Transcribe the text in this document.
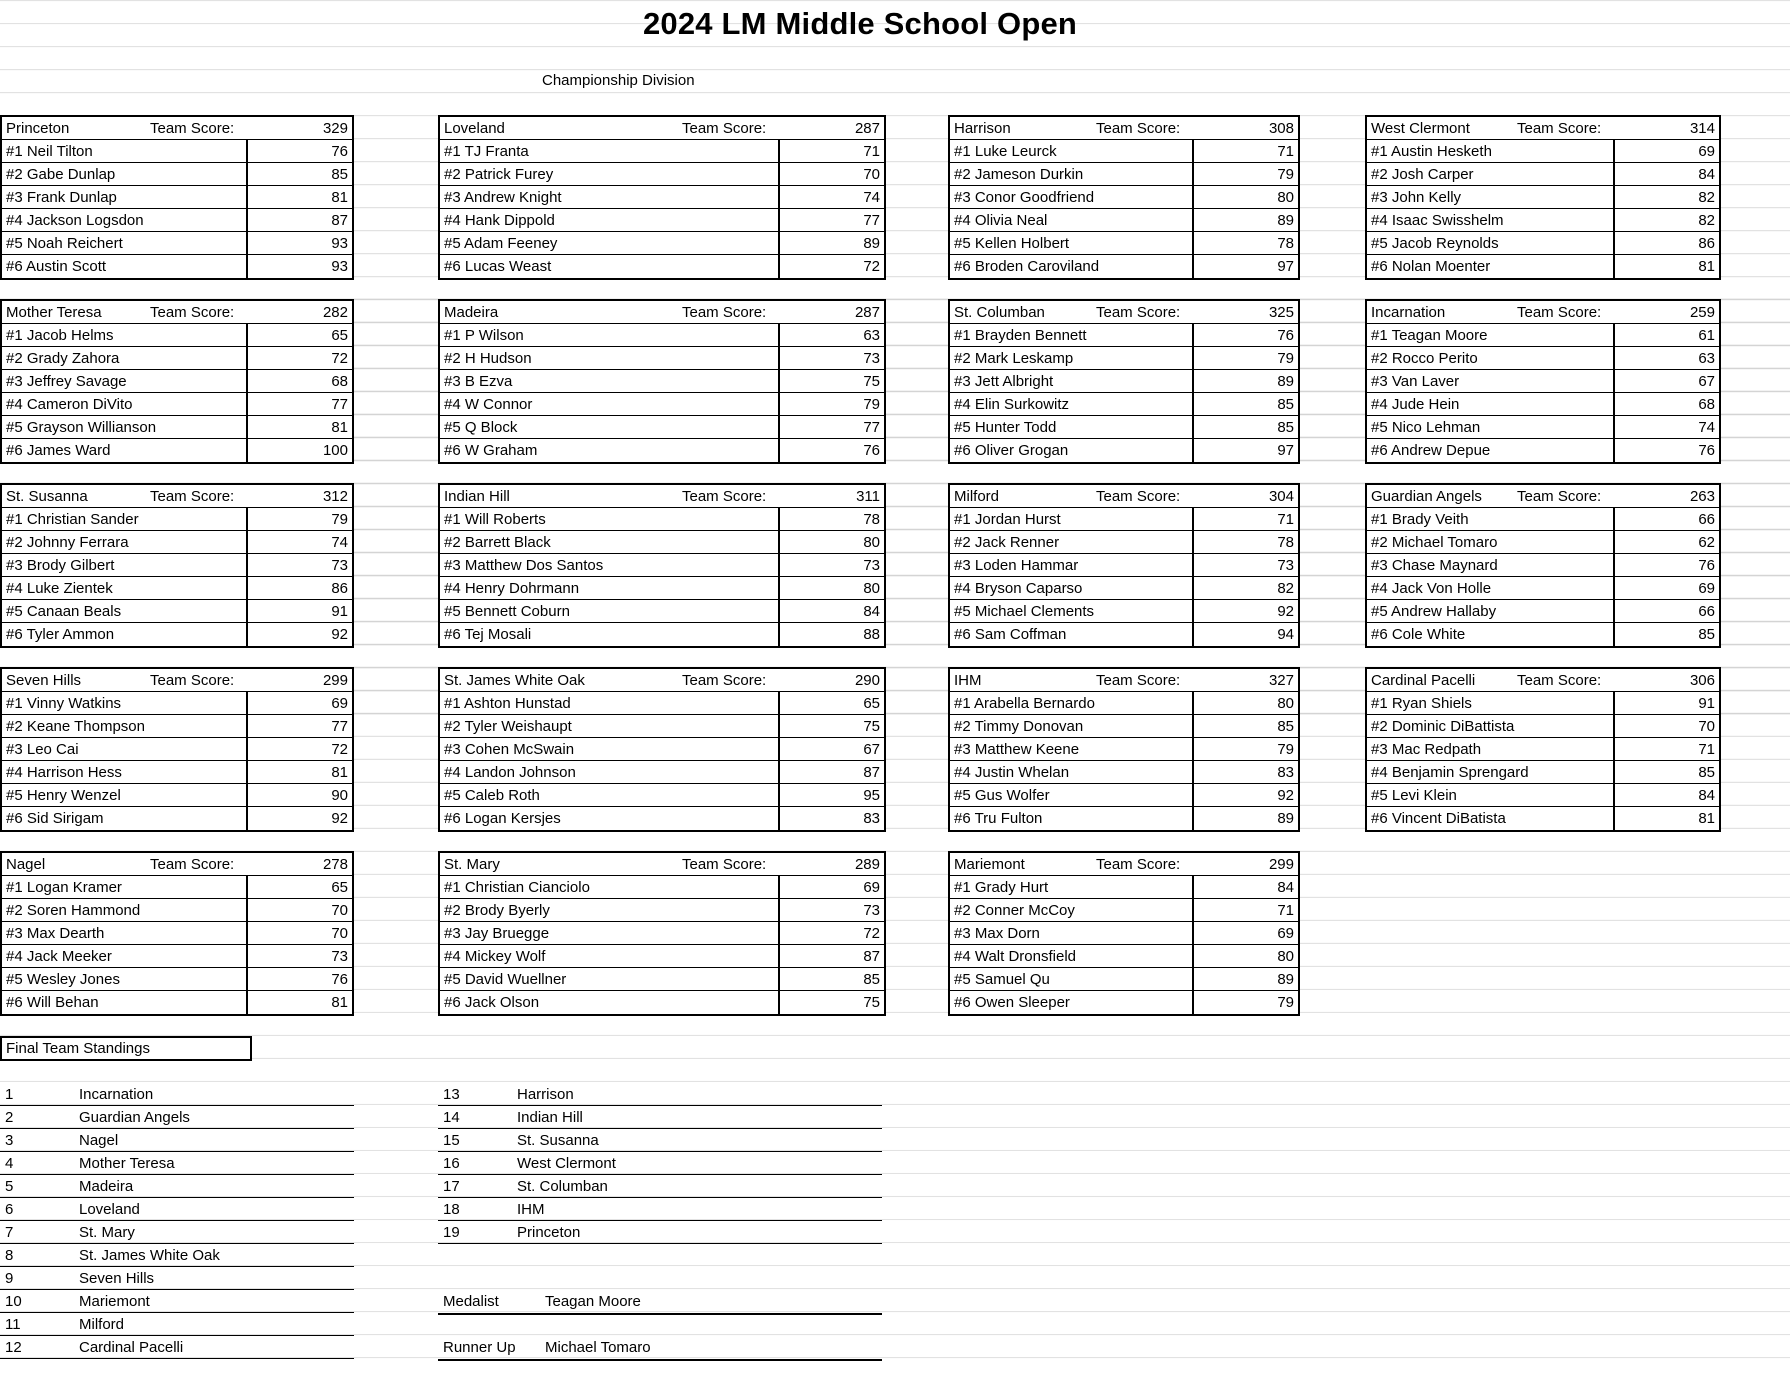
2024 LM Middle School Open
Championship Division
Princeton	Team Score:	329
#1 Neil Tilton	76
#2 Gabe Dunlap	85
#3 Frank Dunlap	81
#4 Jackson Logsdon	87
#5 Noah Reichert	93
#6 Austin Scott	93
Loveland	Team Score:	287
#1 TJ Franta	71
#2 Patrick Furey	70
#3 Andrew Knight	74
#4 Hank Dippold	77
#5 Adam Feeney	89
#6 Lucas Weast	72
Harrison	Team Score:	308
#1 Luke Leurck	71
#2 Jameson Durkin	79
#3 Conor Goodfriend	80
#4 Olivia Neal	89
#5 Kellen Holbert	78
#6 Broden Caroviland	97
West Clermont	Team Score:	314
#1 Austin Hesketh	69
#2 Josh Carper	84
#3 John Kelly	82
#4 Isaac Swisshelm	82
#5 Jacob Reynolds	86
#6 Nolan Moenter	81
Mother Teresa	Team Score:	282
#1 Jacob Helms	65
#2 Grady Zahora	72
#3 Jeffrey Savage	68
#4 Cameron DiVito	77
#5 Grayson Willianson	81
#6 James Ward	100
Madeira	Team Score:	287
#1 P Wilson	63
#2 H Hudson	73
#3 B Ezva	75
#4 W Connor	79
#5 Q Block	77
#6 W Graham	76
St. Columban	Team Score:	325
#1 Brayden Bennett	76
#2 Mark Leskamp	79
#3 Jett Albright	89
#4 Elin Surkowitz	85
#5 Hunter Todd	85
#6 Oliver Grogan	97
Incarnation	Team Score:	259
#1 Teagan Moore	61
#2 Rocco Perito	63
#3 Van Laver	67
#4 Jude Hein	68
#5 Nico Lehman	74
#6 Andrew Depue	76
St. Susanna	Team Score:	312
#1 Christian Sander	79
#2 Johnny Ferrara	74
#3 Brody Gilbert	73
#4 Luke Zientek	86
#5 Canaan Beals	91
#6 Tyler Ammon	92
Indian Hill	Team Score:	311
#1 Will Roberts	78
#2 Barrett Black	80
#3 Matthew Dos Santos	73
#4 Henry Dohrmann	80
#5 Bennett Coburn	84
#6 Tej Mosali	88
Milford	Team Score:	304
#1 Jordan Hurst	71
#2 Jack Renner	78
#3 Loden Hammar	73
#4 Bryson Caparso	82
#5 Michael Clements	92
#6 Sam Coffman	94
Guardian Angels	Team Score:	263
#1 Brady Veith	66
#2 Michael Tomaro	62
#3 Chase Maynard	76
#4 Jack Von Holle	69
#5 Andrew Hallaby	66
#6 Cole White	85
Seven Hills	Team Score:	299
#1 Vinny Watkins	69
#2 Keane Thompson	77
#3 Leo Cai	72
#4 Harrison Hess	81
#5 Henry Wenzel	90
#6 Sid Sirigam	92
St. James White Oak	Team Score:	290
#1 Ashton Hunstad	65
#2 Tyler Weishaupt	75
#3 Cohen McSwain	67
#4 Landon Johnson	87
#5 Caleb Roth	95
#6 Logan Kersjes	83
IHM	Team Score:	327
#1 Arabella Bernardo	80
#2 Timmy Donovan	85
#3 Matthew Keene	79
#4 Justin Whelan	83
#5 Gus Wolfer	92
#6 Tru Fulton	89
Cardinal Pacelli	Team Score:	306
#1 Ryan Shiels	91
#2 Dominic DiBattista	70
#3 Mac Redpath	71
#4 Benjamin Sprengard	85
#5 Levi Klein	84
#6 Vincent DiBatista	81
Nagel	Team Score:	278
#1 Logan Kramer	65
#2 Soren Hammond	70
#3 Max Dearth	70
#4 Jack Meeker	73
#5 Wesley Jones	76
#6 Will Behan	81
St. Mary	Team Score:	289
#1 Christian Cianciolo	69
#2 Brody Byerly	73
#3 Jay Bruegge	72
#4 Mickey Wolf	87
#5 David Wuellner	85
#6 Jack Olson	75
Mariemont	Team Score:	299
#1 Grady Hurt	84
#2 Conner McCoy	71
#3 Max Dorn	69
#4 Walt Dronsfield	80
#5 Samuel Qu	89
#6 Owen Sleeper	79
Final Team Standings
1	Incarnation
2	Guardian Angels
3	Nagel
4	Mother Teresa
5	Madeira
6	Loveland
7	St. Mary
8	St. James White Oak
9	Seven Hills
10	Mariemont
11	Milford
12	Cardinal Pacelli
13	Harrison
14	Indian Hill
15	St. Susanna
16	West Clermont
17	St. Columban
18	IHM
19	Princeton
Medalist	Teagan Moore
Runner Up	Michael Tomaro
